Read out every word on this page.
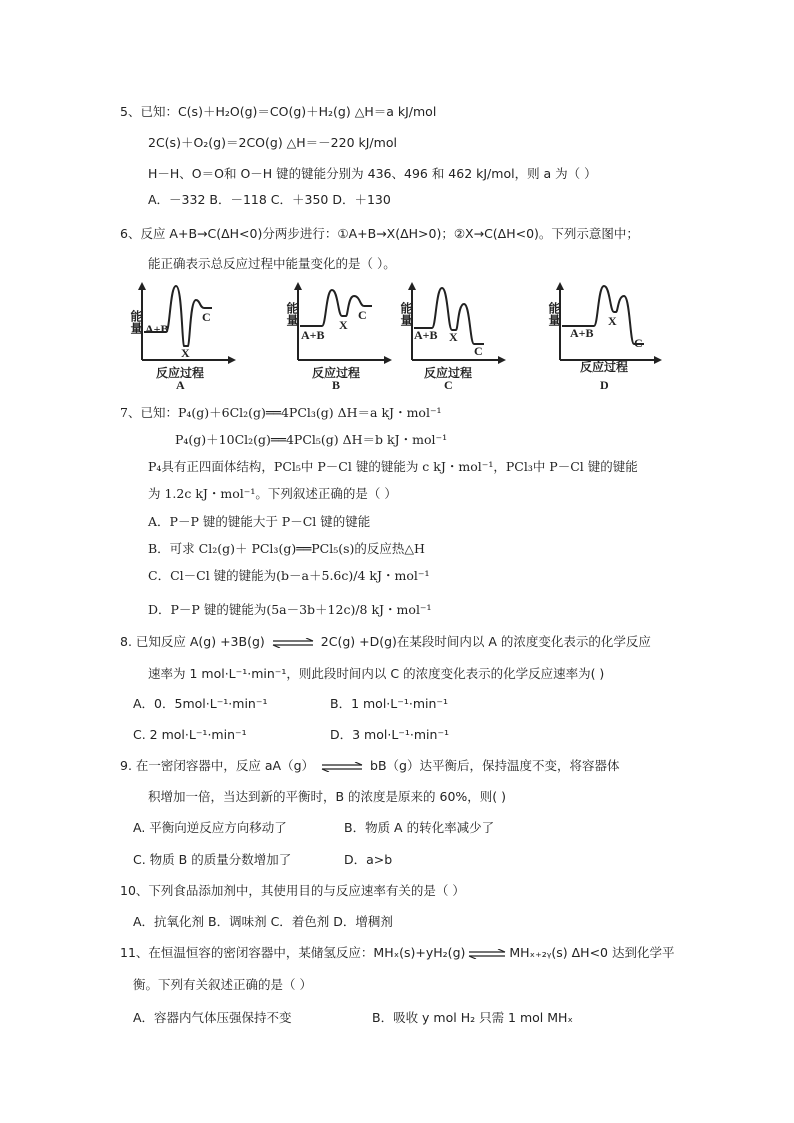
5、已知：C(s)＋H₂O(g)＝CO(g)＋H₂(g) △H＝a kJ/mol
2C(s)＋O₂(g)＝2CO(g) △H＝－220 kJ/mol
H－H、O＝O和 O－H 键的键能分别为 436、496 和 462 kJ/mol，则 a 为（ ）
A．－332 B．－118 C．＋350 D．＋130
6、反应 A+B→C(ΔH<0)分两步进行：①A+B→X(ΔH>0)；②X→C(ΔH<0)。下列示意图中；
能正确表示总反应过程中能量变化的是（ ）。
能量 A+B
X
C
反应过程
A
能量
A+B
X
C
反应过程
B
能量
A+B X
C
反应过程
C
能量
A+B
X
C
反应过程
D
7、已知：P₄(g)＋6Cl₂(g)══4PCl₃(g) ΔH＝a kJ・mol⁻¹
P₄(g)＋10Cl₂(g)══4PCl₅(g) ΔH＝b kJ・mol⁻¹
P₄具有正四面体结构，PCl₅中 P－Cl 键的键能为 c kJ・mol⁻¹，PCl₃中 P－Cl 键的键能
为 1.2c kJ・mol⁻¹。下列叙述正确的是（ ）
A．P－P 键的键能大于 P－Cl 键的键能
B．可求 Cl₂(g)＋ PCl₃(g)══PCl₅(s)的反应热△H
C．Cl－Cl 键的键能为(b－a＋5.6c)/4 kJ・mol⁻¹
D．P－P 键的键能为(5a－3b＋12c)/8 kJ・mol⁻¹
8. 已知反应 A(g) +3B(g) ⇌ 2C(g) +D(g)在某段时间内以 A 的浓度变化表示的化学反应
速率为 1 mol·L⁻¹·min⁻¹，则此段时间内以 C 的浓度变化表示的化学反应速率为( )
A．0．5mol·L⁻¹·min⁻¹	B．1 mol·L⁻¹·min⁻¹
C. 2 mol·L⁻¹·min⁻¹	D．3 mol·L⁻¹·min⁻¹
9. 在一密闭容器中，反应 aA（g） ⇌ bB（g）达平衡后，保持温度不变，将容器体
积增加一倍，当达到新的平衡时，B 的浓度是原来的 60%，则( )
A. 平衡向逆反应方向移动了	B．物质 A 的转化率减少了
C. 物质 B 的质量分数增加了	D．a>b
10、下列食品添加剂中，其使用目的与反应速率有关的是（ ）
A．抗氧化剂 B．调味剂 C．着色剂 D．增稠剂
11、在恒温恒容的密闭容器中，某储氢反应：MHₓ(s)+yH₂(g) ⇌ MHₓ₊₂ᵧ(s) ΔH<0 达到化学平
衡。下列有关叙述正确的是（ ）
A．容器内气体压强保持不变	B．吸收 y mol H₂ 只需 1 mol MHₓ
